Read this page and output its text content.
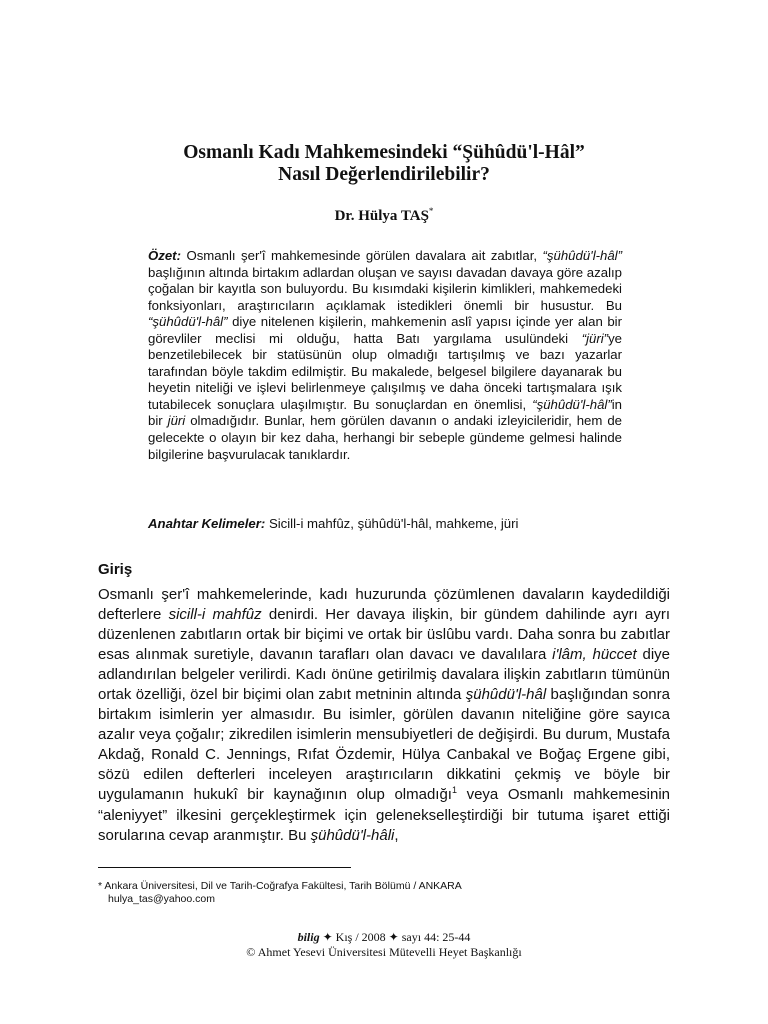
Osmanlı Kadı Mahkemesindeki “Şühûdü'l-Hâl”
Nasıl Değerlendirilebilir?
Dr. Hülya TAŞ*
Özet: Osmanlı şer'î mahkemesinde görülen davalara ait zabıtlar, “şühûdü'l-hâl” başlığının altında birtakım adlardan oluşan ve sayısı davadan davaya göre azalıp çoğalan bir kayıtla son buluyordu. Bu kısımdaki kişilerin kimlikleri, mahkemedeki fonksiyonları, araştırıcıların açıklamak istedikleri önemli bir husustur. Bu “şühûdü'l-hâl” diye nitelenen kişilerin, mahkemenin aslî yapısı içinde yer alan bir görevliler meclisi mi olduğu, hatta Batı yargılama usulündeki “jüri”ye benzetilebilecek bir statüsünün olup olmadığı tartışılmış ve bazı yazarlar tarafından böyle takdim edilmiştir. Bu makalede, belgesel bilgilere dayanarak bu heyetin niteliği ve işlevi belirlenmeye çalışılmış ve daha önceki tartışmalara ışık tutabilecek sonuçlara ulaşılmıştır. Bu sonuçlardan en önemlisi, “şühûdü'l-hâl”in bir jüri olmadığıdır. Bunlar, hem görülen davanın o andaki izleyicileridir, hem de gelecekte o olayın bir kez daha, herhangi bir sebeple gündeme gelmesi halinde bilgilerine başvurulacak tanıklardır.
Anahtar Kelimeler: Sicill-i mahfûz, şühûdü'l-hâl, mahkeme, jüri
Giriş
Osmanlı şer'î mahkemelerinde, kadı huzurunda çözümlenen davaların kaydedildiği defterlere sicill-i mahfûz denirdi. Her davaya ilişkin, bir gündem dahilinde ayrı ayrı düzenlenen zabıtların ortak bir biçimi ve ortak bir üslûbu vardı. Daha sonra bu zabıtlar esas alınmak suretiyle, davanın tarafları olan davacı ve davalılara i'lâm, hüccet diye adlandırılan belgeler verilirdi. Kadı önüne getirilmiş davalara ilişkin zabıtların tümünün ortak özelliği, özel bir biçimi olan zabıt metninin altında şühûdü'l-hâl başlığından sonra birtakım isimlerin yer almasıdır. Bu isimler, görülen davanın niteliğine göre sayıca azalır veya çoğalır; zikredilen isimlerin mensubiyetleri de değişirdi. Bu durum, Mustafa Akdağ, Ronald C. Jennings, Rıfat Özdemir, Hülya Canbakal ve Boğaç Ergene gibi, sözü edilen defterleri inceleyen araştırıcıların dikkatini çekmiş ve böyle bir uygulamanın hukukî bir kaynağının olup olmadığı$^1$ veya Osmanlı mahkemesinin “aleniyyet” ilkesini gerçekleştirmek için gelenekselleştirdiği bir tutuma işaret ettiği sorularına cevap aranmıştır. Bu şühûdü'l-hâli,
* Ankara Üniversitesi, Dil ve Tarih-Coğrafya Fakültesi, Tarih Bölümü / ANKARA
hulya_tas@yahoo.com
bilig ✦ Kış / 2008 ✦ sayı 44: 25-44
© Ahmet Yesevi Üniversitesi Mütevelli Heyet Başkanlığı
